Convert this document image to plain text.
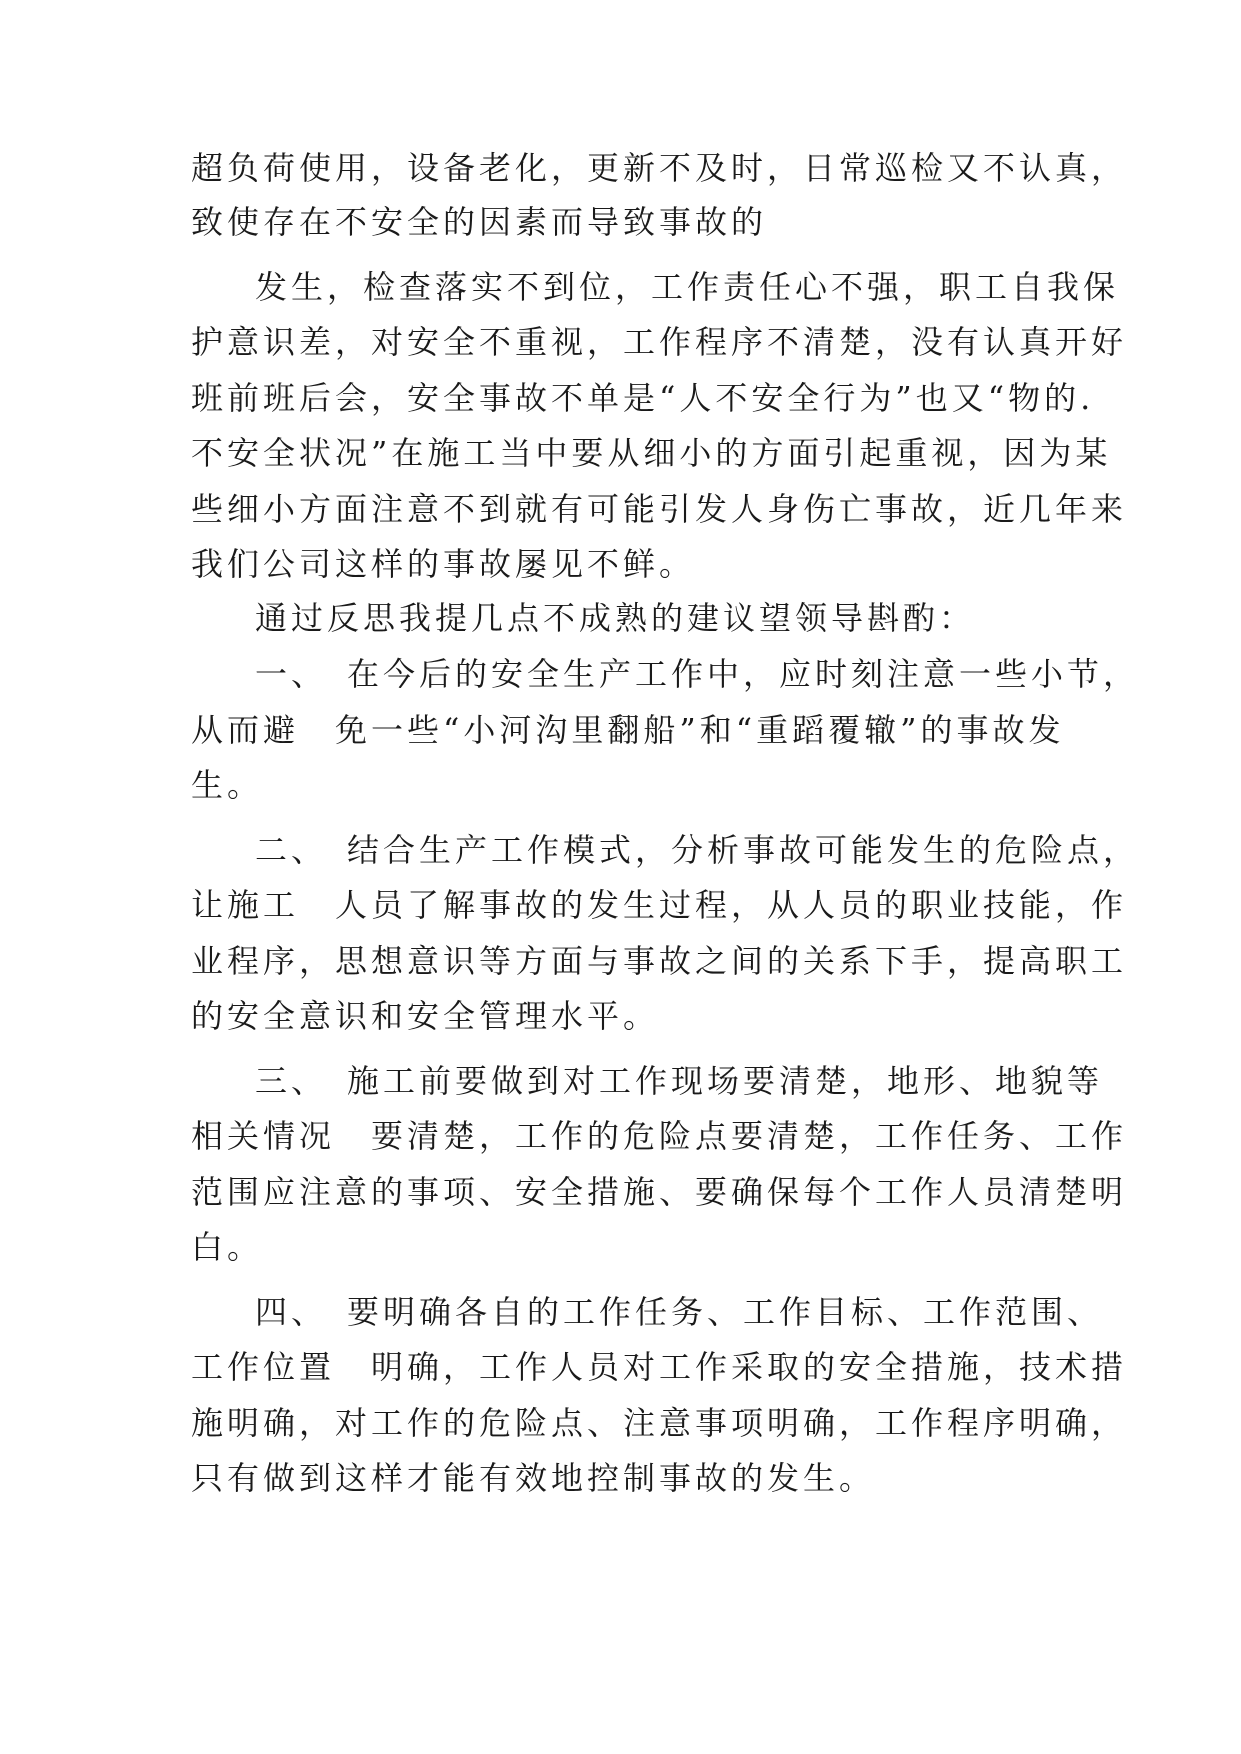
超负荷使用，设备老化，更新不及时，日常巡检又不认真，
致使存在不安全的因素而导致事故的
发生，检查落实不到位，工作责任心不强，职工自我保
护意识差，对安全不重视，工作程序不清楚，没有认真开好
班前班后会，安全事故不单是“人不安全行为”也又“物的.
不安全状况”在施工当中要从细小的方面引起重视，因为某
些细小方面注意不到就有可能引发人身伤亡事故，近几年来
我们公司这样的事故屡见不鲜。
通过反思我提几点不成熟的建议望领导斟酌：
一、　在今后的安全生产工作中，应时刻注意一些小节，
从而避　免一些“小河沟里翻船”和“重蹈覆辙”的事故发
生。
二、　结合生产工作模式，分析事故可能发生的危险点，
让施工　人员了解事故的发生过程，从人员的职业技能，作
业程序，思想意识等方面与事故之间的关系下手，提高职工
的安全意识和安全管理水平。
三、　施工前要做到对工作现场要清楚，地形、地貌等
相关情况　要清楚，工作的危险点要清楚，工作任务、工作
范围应注意的事项、安全措施、要确保每个工作人员清楚明
白。
四、　要明确各自的工作任务、工作目标、工作范围、
工作位置　明确，工作人员对工作采取的安全措施，技术措
施明确，对工作的危险点、注意事项明确，工作程序明确，
只有做到这样才能有效地控制事故的发生。
